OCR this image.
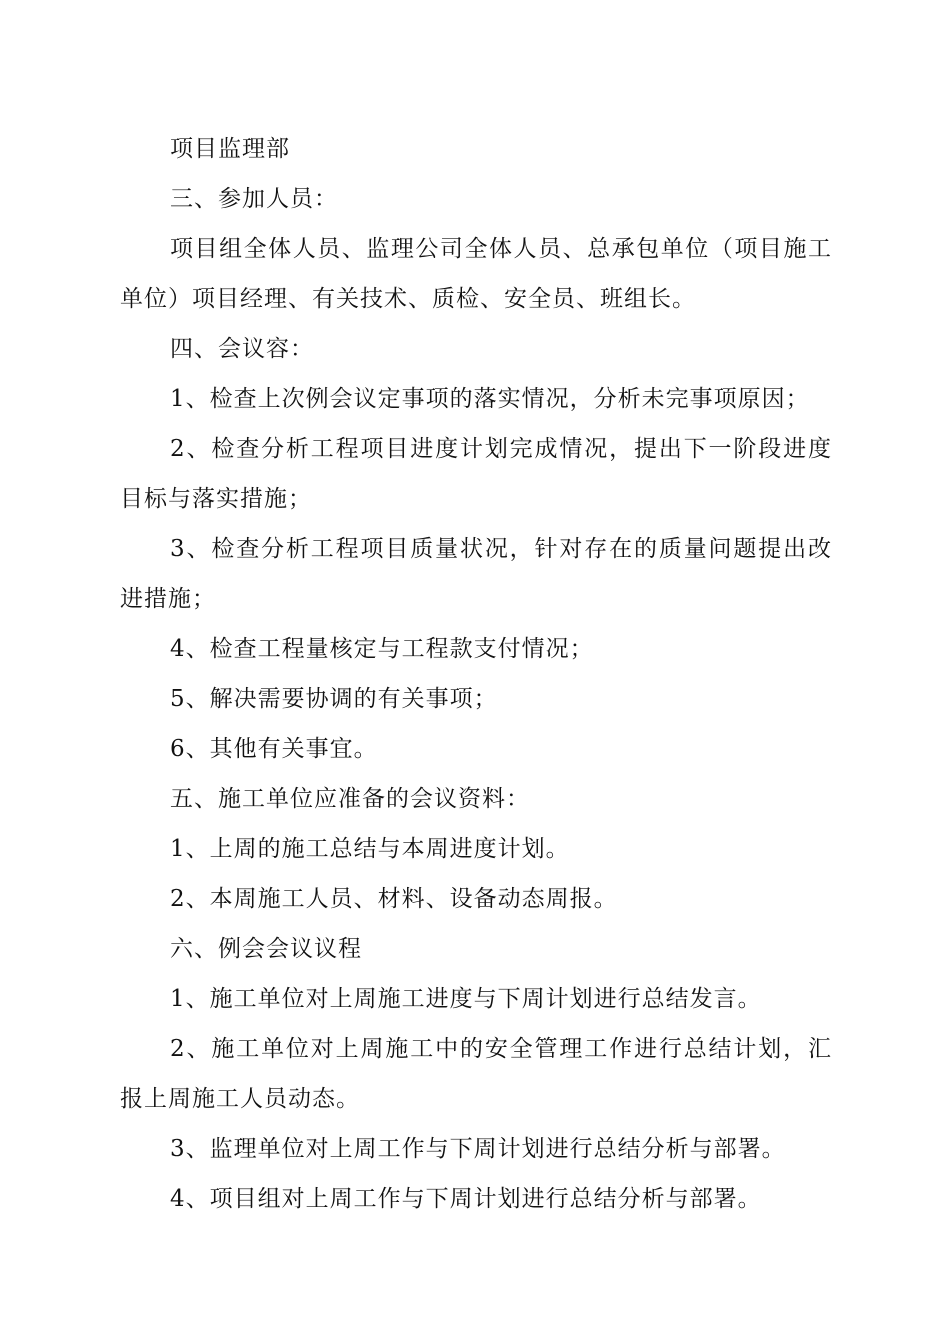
项目监理部

三、参加人员：

项目组全体人员、监理公司全体人员、总承包单位（项目施工单位）项目经理、有关技术、质检、安全员、班组长。

四、会议容：

1、检查上次例会议定事项的落实情况，分析未完事项原因；

2、检查分析工程项目进度计划完成情况，提出下一阶段进度目标与落实措施；

3、检查分析工程项目质量状况，针对存在的质量问题提出改进措施；

4、检查工程量核定与工程款支付情况；

5、解决需要协调的有关事项；

6、其他有关事宜。

五、施工单位应准备的会议资料：

1、上周的施工总结与本周进度计划。

2、本周施工人员、材料、设备动态周报。

六、例会会议议程

1、施工单位对上周施工进度与下周计划进行总结发言。

2、施工单位对上周施工中的安全管理工作进行总结计划，汇报上周施工人员动态。

3、监理单位对上周工作与下周计划进行总结分析与部署。

4、项目组对上周工作与下周计划进行总结分析与部署。
